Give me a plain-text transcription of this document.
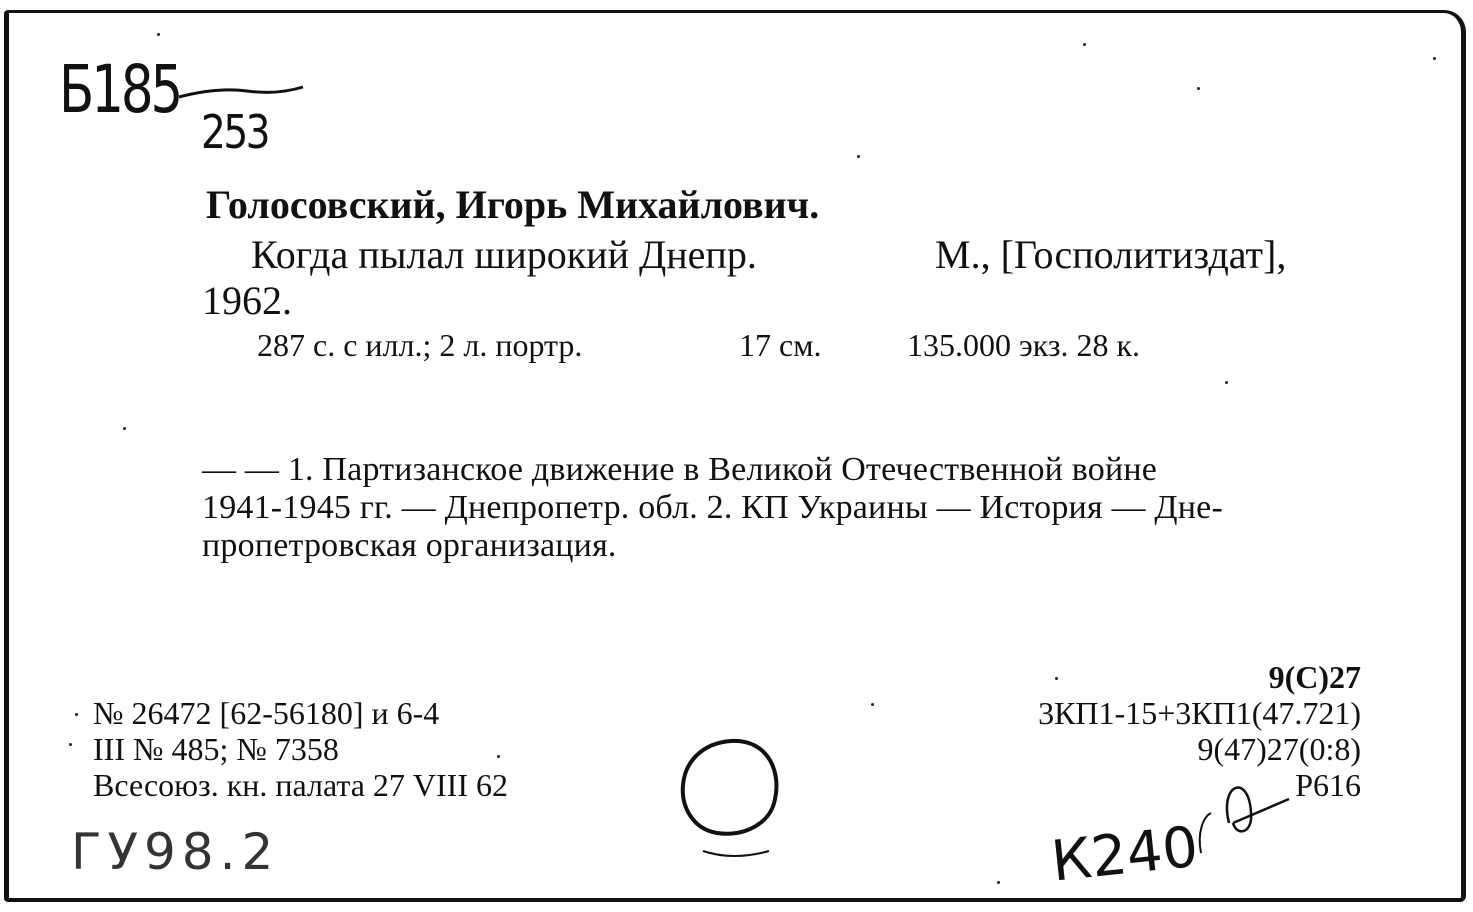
Б185
253
Голосовский, Игорь Михайлович.
Когда пылал широкий Днепр.	М., [Госполитиздат],
1962.
287 с. с илл.; 2 л. портр.	17 см.	135.000 экз. 28 к.
— — 1. Партизанское движение в Великой Отечественной войне
1941-1945 гг. — Днепропетр. обл. 2. КП Украины — История — Дне-
пропетровская организация.
№ 26472 [62-56180] и 6-4
III № 485; № 7358
Всесоюз. кн. палата 27 VIII 62
9(С)27
3КП1-15+3КП1(47.721)
9(47)27(0:8)
Р616
ГУ98.2	К240
